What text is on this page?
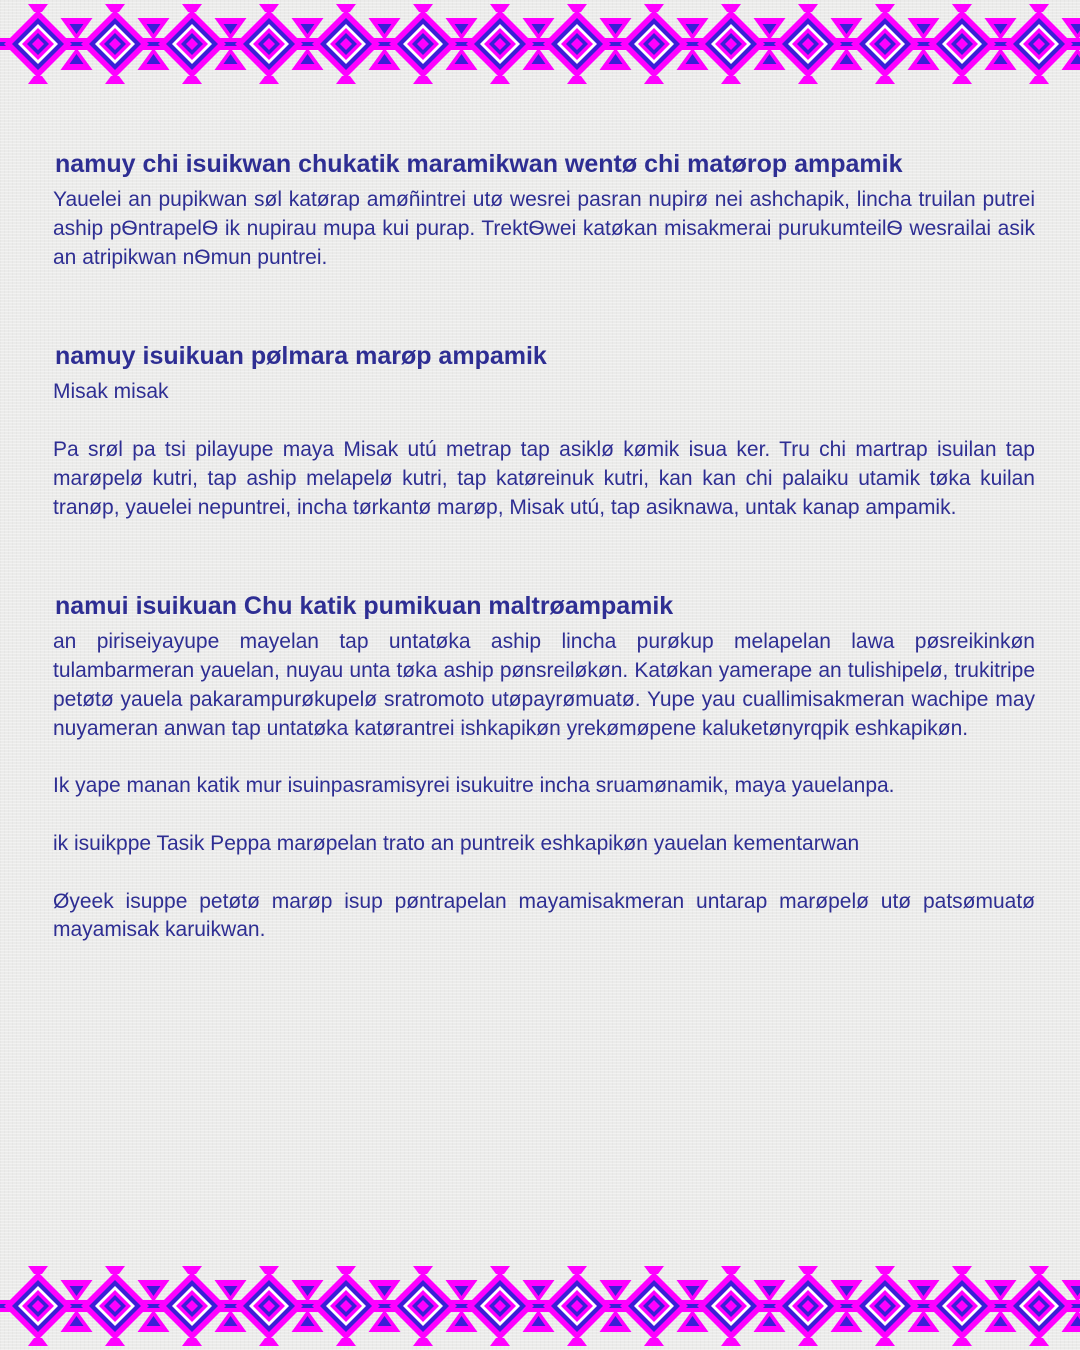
namuy chi isuikwan chukatik maramikwan wentø chi matørop ampamik

Yauelei an pupikwan søl katørap amøñintrei utø wesrei pasran nupirø nei ashchapik, lincha truilan putrei aship pѲntrapelѲ ik nupirau mupa kui purap. TrektѲwei katøkan misakmerai purukumteilѲ wesrailai asik an atripikwan nѲmun puntrei.

namuy isuikuan pølmara marøp ampamik

Misak misak

Pa srøl pa tsi pilayupe maya Misak utú metrap tap asiklø kømik isua ker. Tru chi martrap isuilan tap marøpelø kutri, tap aship melapelø kutri, tap katøreinuk kutri, kan kan chi palaiku utamik tøka kuilan tranøp, yauelei nepuntrei, incha tørkantø marøp, Misak utú, tap asiknawa, untak kanap ampamik.

namui isuikuan Chu katik pumikuan maltrøampamik

an piriseiyayupe mayelan tap untatøka aship lincha purøkup melapelan lawa pøsreikinkøn tulambarmeran yauelan, nuyau unta tøka aship pønsreiløkøn. Katøkan yamerape an tulishipelø, trukitripe petøtø yauela pakarampurøkupelø sratromoto utøpayrømuatø. Yupe yau cuallimisakmeran wachipe may nuyameran anwan tap untatøka katørantrei ishkapikøn yrekømøpene kaluketønyrqpik eshkapikøn.

Ik yape manan katik mur isuinpasramisyrei isukuitre incha sruamønamik, maya yauelanpa.

ik isuikppe Tasik Peppa marøpelan trato an puntreik eshkapikøn yauelan kementarwan

Øyeek isuppe petøtø marøp isup pøntrapelan mayamisakmeran untarap marøpelø utø patsømuatø mayamisak karuikwan.
